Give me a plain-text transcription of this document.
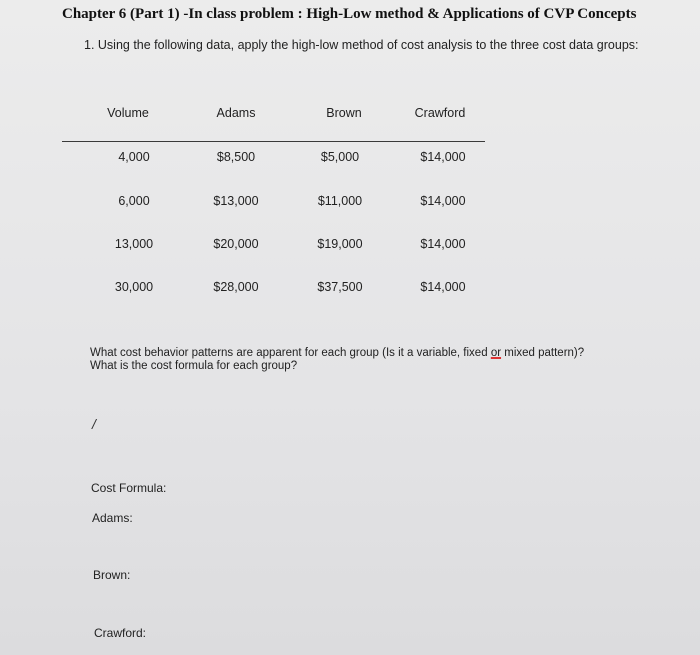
Chapter 6 (Part 1) -In class problem : High-Low method & Applications of CVP Concepts
1. Using the following data, apply the high-low method of cost analysis to the three cost data groups:
Volume	Adams	Brown	Crawford
4,000	$8,500	$5,000	$14,000
6,000	$13,000	$11,000	$14,000
13,000	$20,000	$19,000	$14,000
30,000	$28,000	$37,500	$14,000
What cost behavior patterns are apparent for each group (Is it a variable, fixed or mixed pattern)?
What is the cost formula for each group?
/
Cost Formula:
Adams:
Brown:
Crawford:
